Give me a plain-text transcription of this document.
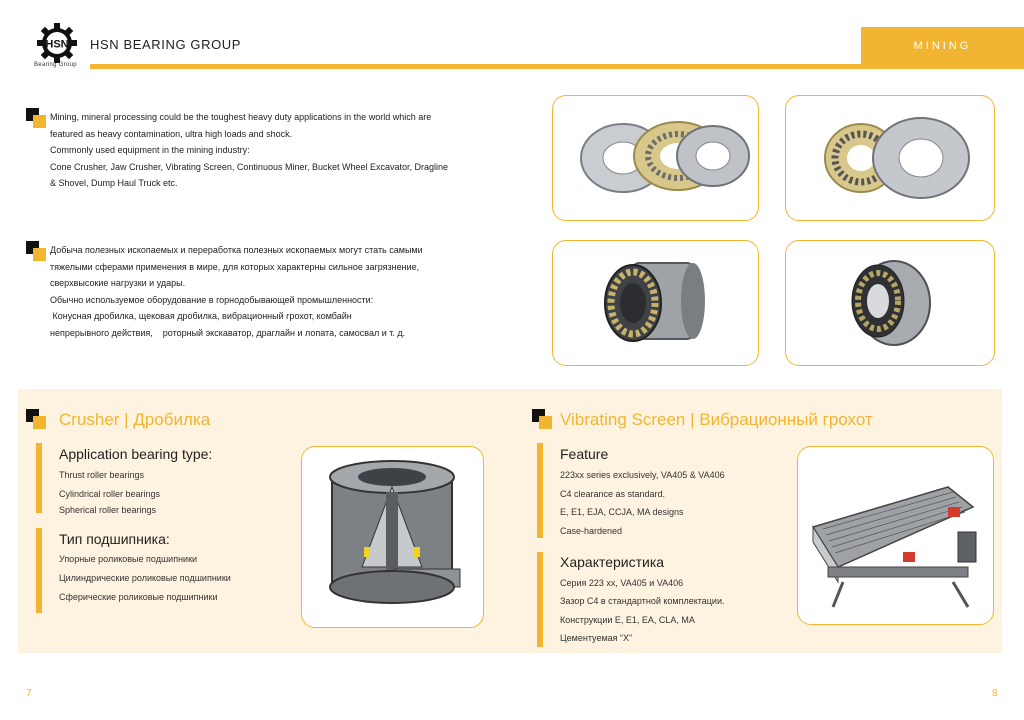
HSN
Bearing Group
HSN BEARING GROUP	MINING

Mining, mineral processing could be the toughest heavy duty applications in the world which are

featured as heavy contamination, ultra high loads and shock.

Commonly used equipment in the mining industry:

Cone Crusher, Jaw Crusher, Vibrating Screen, Continuous Miner, Bucket Wheel Excavator, Dragline

& Shovel, Dump Haul Truck etc.

Добыча полезных ископаемых и переработка полезных ископаемых могут стать самыми

тяжелыми сферами применения в мире, для которых характерны сильное загрязнение,

сверхвысокие нагрузки и удары.

Обычно используемое оборудование в горнодобывающей промышленности:

Конусная дробилка, щековая дробилка, вибрационный грохот, комбайн

непрерывного действия,    роторный экскаватор, драглайн и лопата, самосвал и т. д.

Crusher | Дробилка
Application bearing type:
Thrust roller bearings
Cylindrical roller bearings
Spherical roller bearings
Тип подшипника:
Упорные роликовые подшипники
Цилиндрические роликовые подшипники
Сферические роликовые подшипники
Vibrating Screen | Вибрационный грохот
Feature
223xx series exclusively, VA405 & VA406
C4 clearance as standard.
E, E1, EJA, CCJA, MA designs
Case-hardened
Характеристика
Серия 223 хх, VA405 и VA406
Зазор C4 в стандартной комплектации.
Конструкции E, E1, EA, CLA, MA
Цементуемая “X”
7	8
